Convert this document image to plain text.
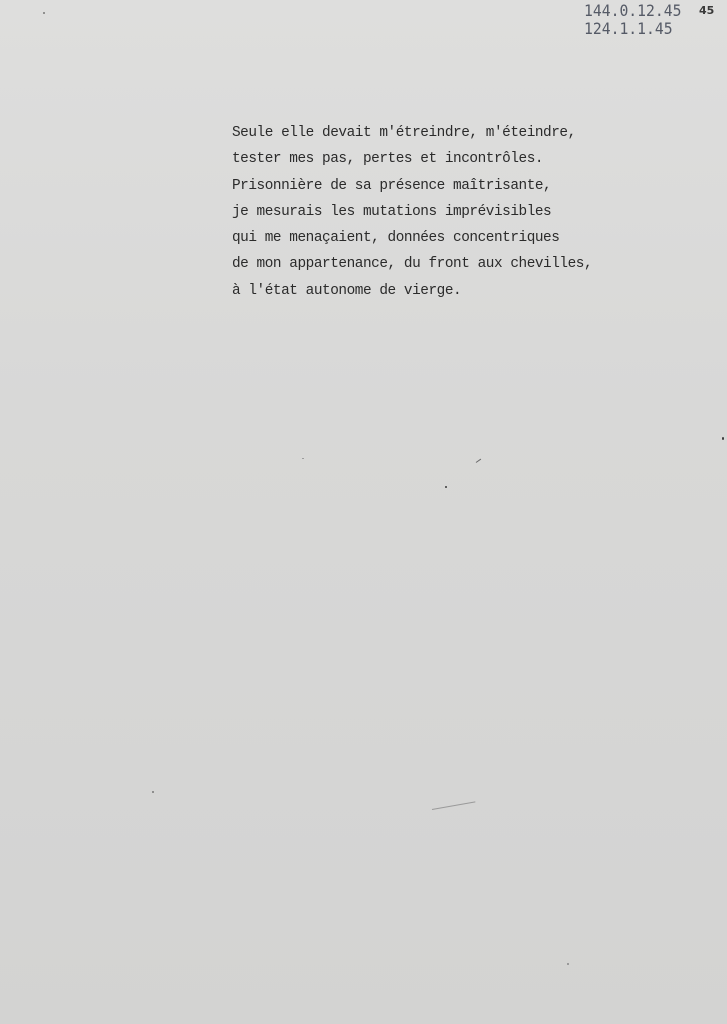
144.0.12.45
124.1.1.45
45
Seule elle devait m'étreindre, m'éteindre,
tester mes pas, pertes et incontrôles.
Prisonnière de sa présence maîtrisante,
je mesurais les mutations imprévisibles
qui me menaçaient, données concentriques
de mon appartenance, du front aux chevilles,
à l'état autonome de vierge.
